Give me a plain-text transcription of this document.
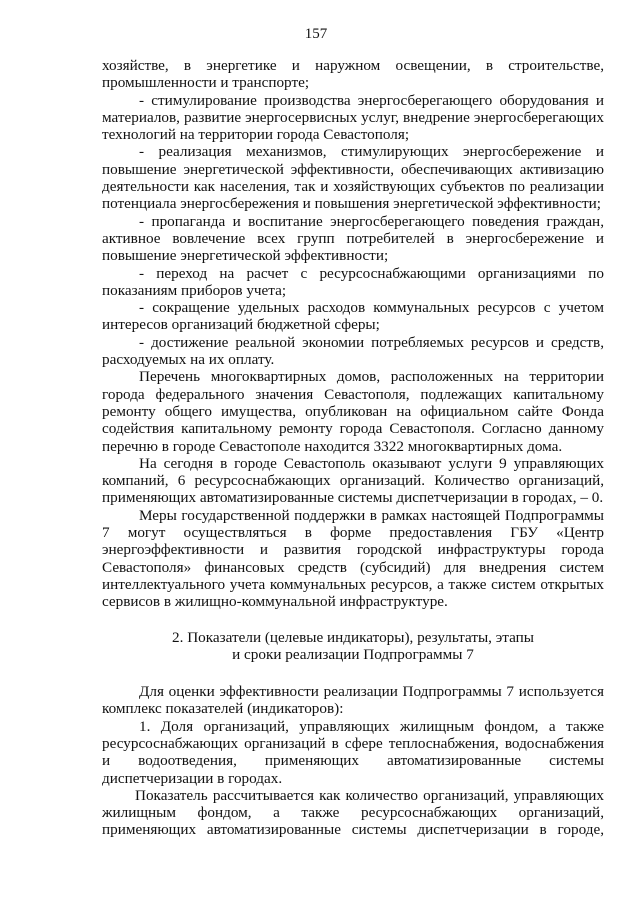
157

хозяйстве, в энергетике и наружном освещении, в строительстве, промышленности и транспорте;

- стимулирование производства энергосберегающего оборудования и материалов, развитие энергосервисных услуг, внедрение энергосберегающих технологий на территории города Севастополя;

- реализация механизмов, стимулирующих энергосбережение и повышение энергетической эффективности, обеспечивающих активизацию деятельности как населения, так и хозяйствующих субъектов по реализации потенциала энергосбережения и повышения энергетической эффективности;

- пропаганда и воспитание энергосберегающего поведения граждан, активное вовлечение всех групп потребителей в энергосбережение и повышение энергетической эффективности;

- переход на расчет с ресурсоснабжающими организациями по показаниям приборов учета;

- сокращение удельных расходов коммунальных ресурсов с учетом интересов организаций бюджетной сферы;

- достижение реальной экономии потребляемых ресурсов и средств, расходуемых на их оплату.

Перечень многоквартирных домов, расположенных на территории города федерального значения Севастополя, подлежащих капитальному ремонту общего имущества, опубликован на официальном сайте Фонда содействия капитальному ремонту города Севастополя. Согласно данному перечню в городе Севастополе находится 3322 многоквартирных дома.

На сегодня в городе Севастополь оказывают услуги 9 управляющих компаний, 6 ресурсоснабжающих организаций. Количество организаций, применяющих автоматизированные системы диспетчеризации в городах, – 0.

Меры государственной поддержки в рамках настоящей Подпрограммы 7 могут осуществляться в форме предоставления ГБУ «Центр энергоэффективности и развития городской инфраструктуры города Севастополя» финансовых средств (субсидий) для внедрения систем интеллектуального учета коммунальных ресурсов, а также систем открытых сервисов в жилищно-коммунальной инфраструктуре.

2. Показатели (целевые индикаторы), результаты, этапы

и сроки реализации Подпрограммы 7

Для оценки эффективности реализации Подпрограммы 7 используется комплекс показателей (индикаторов):

1. Доля организаций, управляющих жилищным фондом, а также ресурсоснабжающих организаций в сфере теплоснабжения, водоснабжения и водоотведения, применяющих автоматизированные системы диспетчеризации в городах.

Показатель рассчитывается как количество организаций, управляющих жилищным фондом, а также ресурсоснабжающих организаций, применяющих автоматизированные системы диспетчеризации в городе,
